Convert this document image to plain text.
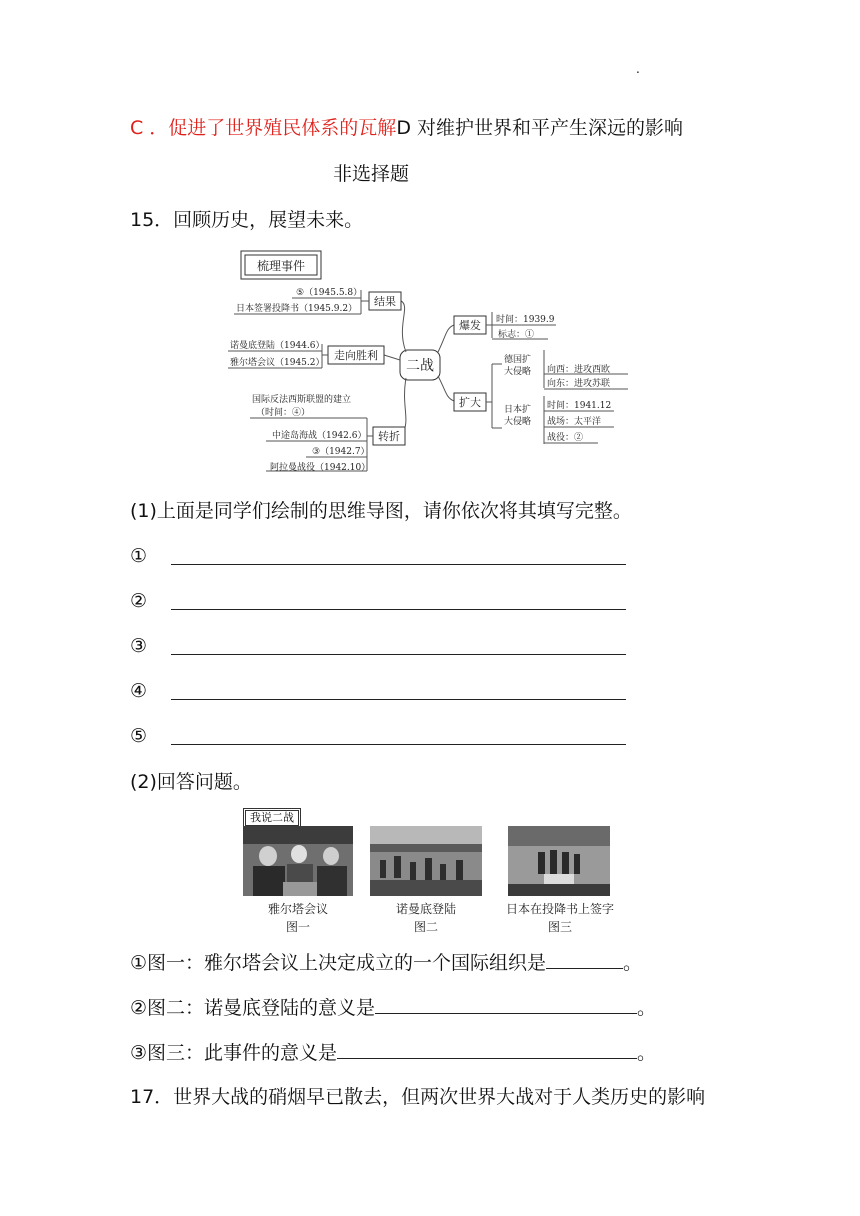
.
C ．促进了世界殖民体系的瓦解D 对维护世界和平产生深远的影响
非选择题
15．回顾历史，展望未来。
梳理事件
二战
结果
⑤（1945.5.8）
日本签署投降书（1945.9.2）
走向胜利
诺曼底登陆（1944.6）
雅尔塔会议（1945.2）
转折
国际反法西斯联盟的建立
（时间：④）
中途岛海战（1942.6）
③（1942.7）
阿拉曼战役（1942.10）
爆发 时间：1939.9
标志：①
扩大
德国扩
大侵略 向西：进攻西欧
向东：进攻苏联
日本扩
大侵略
时间：1941.12
战场：太平洋
战役：②
(1)上面是同学们绘制的思维导图，请你依次将其填写完整。
①
②
③
④
⑤
(2)回答问题。
我说二战
雅尔塔会议
图一
诺曼底登陆
图二
日本在投降书上签字
图三
①图一：雅尔塔会议上决定成立的一个国际组织是	。
②图二：诺曼底登陆的意义是	。
③图三：此事件的意义是	。
17．世界大战的硝烟早已散去，但两次世界大战对于人类历史的影响
